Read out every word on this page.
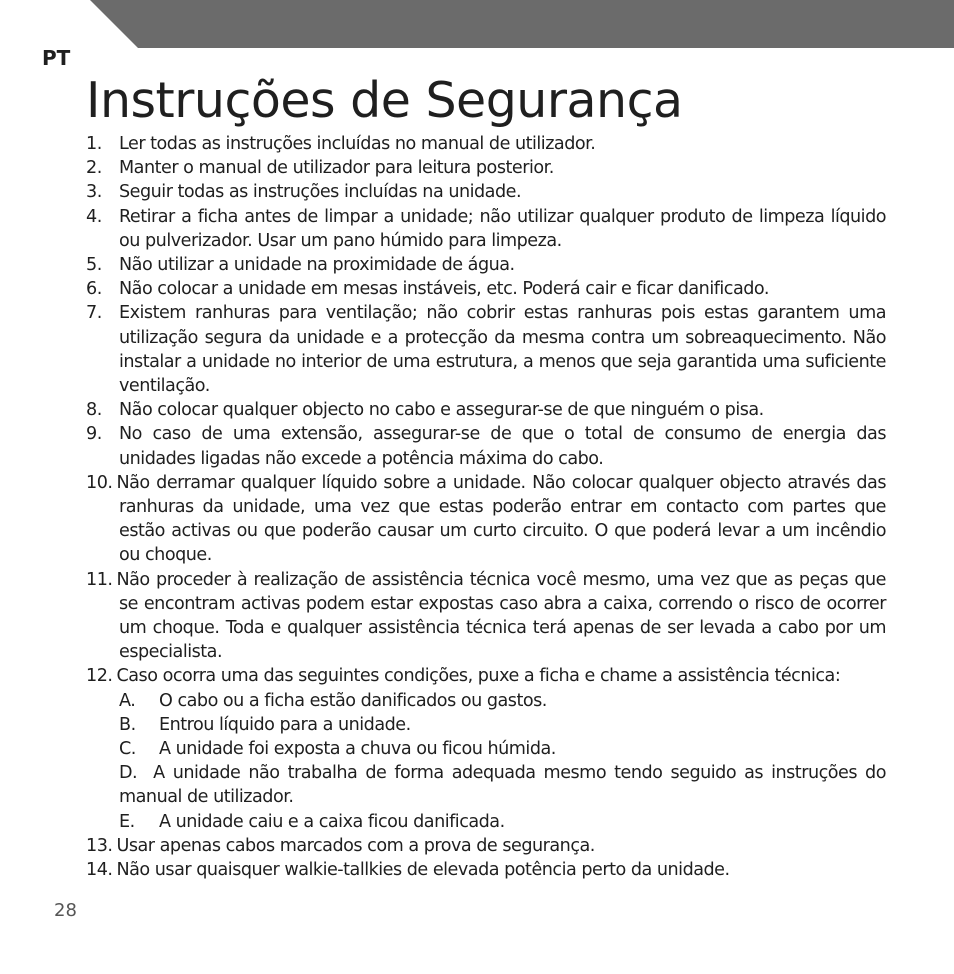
PT
Instruções de Segurança
1. Ler todas as instruções incluídas no manual de utilizador.
2. Manter o manual de utilizador para leitura posterior.
3. Seguir todas as instruções incluídas na unidade.
4. Retirar a ficha antes de limpar a unidade; não utilizar qualquer produto de limpeza líquido ou pulverizador. Usar um pano húmido para limpeza.
5. Não utilizar a unidade na proximidade de água.
6. Não colocar a unidade em mesas instáveis, etc. Poderá cair e ficar danificado.
7. Existem ranhuras para ventilação; não cobrir estas ranhuras pois estas garantem uma utilização segura da unidade e a protecção da mesma contra um sobreaquecimento. Não instalar a unidade no interior de uma estrutura, a menos que seja garantida uma suficiente ventilação.
8. Não colocar qualquer objecto no cabo e assegurar-se de que ninguém o pisa.
9. No caso de uma extensão, assegurar-se de que o total de consumo de energia das unidades ligadas não excede a potência máxima do cabo.
10. Não derramar qualquer líquido sobre a unidade. Não colocar qualquer objecto através das ranhuras da unidade, uma vez que estas poderão entrar em contacto com partes que estão activas ou que poderão causar um curto circuito. O que poderá levar a um incêndio ou choque.
11. Não proceder à realização de assistência técnica você mesmo, uma vez que as peças que se encontram activas podem estar expostas caso abra a caixa, correndo o risco de ocorrer um choque. Toda e qualquer assistência técnica terá apenas de ser levada a cabo por um especialista.
12. Caso ocorra uma das seguintes condições, puxe a ficha e chame a assistência técnica:
A. O cabo ou a ficha estão danificados ou gastos.
B. Entrou líquido para a unidade.
C. A unidade foi exposta a chuva ou ficou húmida.
D. A unidade não trabalha de forma adequada mesmo tendo seguido as instruções do manual de utilizador.
E. A unidade caiu e a caixa ficou danificada.
13. Usar apenas cabos marcados com a prova de segurança.
14. Não usar quaisquer walkie-tallkies de elevada potência perto da unidade.
28
